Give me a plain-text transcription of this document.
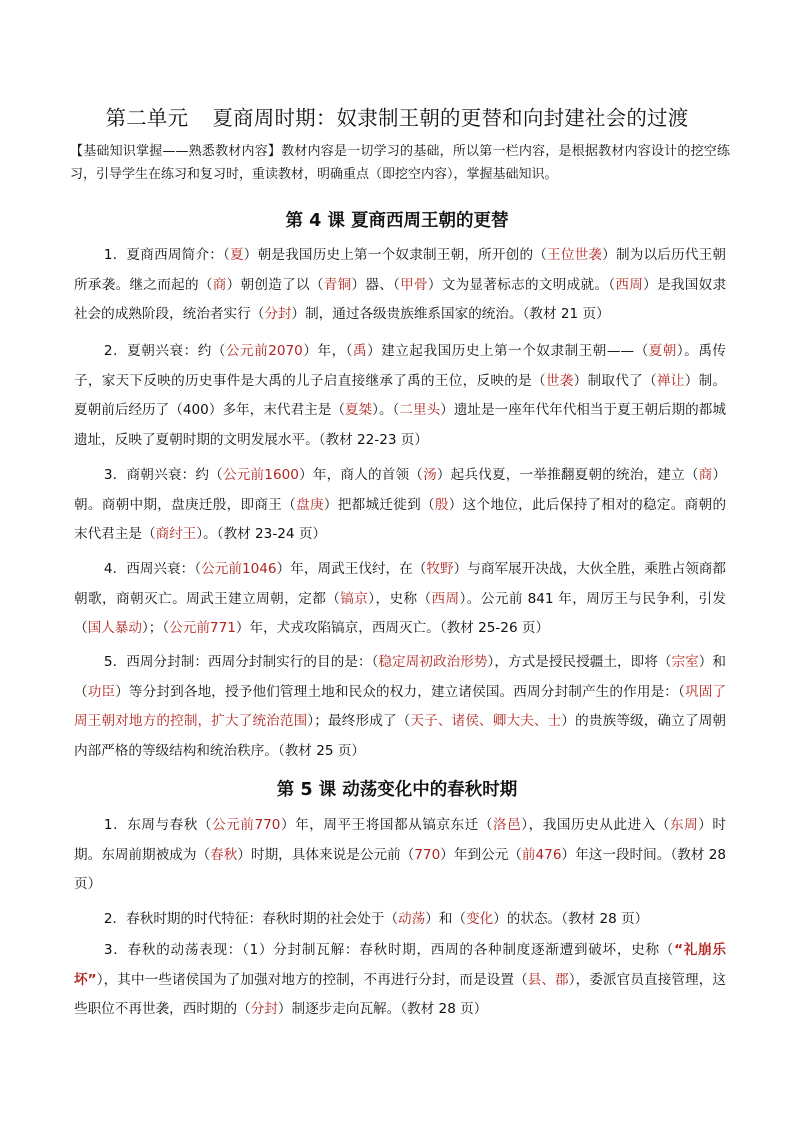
第二单元 夏商周时期：奴隶制王朝的更替和向封建社会的过渡
【基础知识掌握——熟悉教材内容】教材内容是一切学习的基础，所以第一栏内容，是根据教材内容设计的挖空练习，引导学生在练习和复习时，重读教材，明确重点（即挖空内容），掌握基础知识。
第 4 课 夏商西周王朝的更替
1．夏商西周简介：（夏）朝是我国历史上第一个奴隶制王朝，所开创的（王位世袭）制为以后历代王朝所承袭。继之而起的（商）朝创造了以（青铜）器、（甲骨）文为显著标志的文明成就。（西周）是我国奴隶社会的成熟阶段，统治者实行（分封）制，通过各级贵族维系国家的统治。（教材 21 页）
2．夏朝兴衰：约（公元前2070）年，（禹）建立起我国历史上第一个奴隶制王朝——（夏朝）。禹传子，家天下反映的历史事件是大禹的儿子启直接继承了禹的王位，反映的是（世袭）制取代了（禅让）制。夏朝前后经历了（400）多年，末代君主是（夏桀）。（二里头）遗址是一座年代年代相当于夏王朝后期的都城遗址，反映了夏朝时期的文明发展水平。（教材 22-23 页）
3．商朝兴衰：约（公元前1600）年，商人的首领（汤）起兵伐夏，一举推翻夏朝的统治，建立（商）朝。商朝中期，盘庚迁殷，即商王（盘庚）把都城迁徙到（殷）这个地位，此后保持了相对的稳定。商朝的末代君主是（商纣王）。（教材 23-24 页）
4．西周兴衰：（公元前1046）年，周武王伐纣，在（牧野）与商军展开决战，大伙全胜，乘胜占领商都朝歌，商朝灭亡。周武王建立周朝，定都（镐京），史称（西周）。公元前 841 年，周厉王与民争利，引发（国人暴动）；（公元前771）年，犬戎攻陷镐京，西周灭亡。（教材 25-26 页）
5．西周分封制：西周分封制实行的目的是：（稳定周初政治形势），方式是授民授疆土，即将（宗室）和（功臣）等分封到各地，授予他们管理土地和民众的权力，建立诸侯国。西周分封制产生的作用是：（巩固了周王朝对地方的控制，扩大了统治范围）；最终形成了（天子、诸侯、卿大夫、士）的贵族等级，确立了周朝内部严格的等级结构和统治秩序。（教材 25 页）
第 5 课 动荡变化中的春秋时期
1．东周与春秋（公元前770）年，周平王将国都从镐京东迁（洛邑），我国历史从此进入（东周）时期。东周前期被成为（春秋）时期，具体来说是公元前（770）年到公元（前476）年这一段时间。（教材 28 页）
2．春秋时期的时代特征：春秋时期的社会处于（动荡）和（变化）的状态。（教材 28 页）
3．春秋的动荡表现：（1）分封制瓦解：春秋时期，西周的各种制度逐渐遭到破坏，史称（“礼崩乐坏”），其中一些诸侯国为了加强对地方的控制，不再进行分封，而是设置（县、郡），委派官员直接管理，这些职位不再世袭，西时期的（分封）制逐步走向瓦解。（教材 28 页）
